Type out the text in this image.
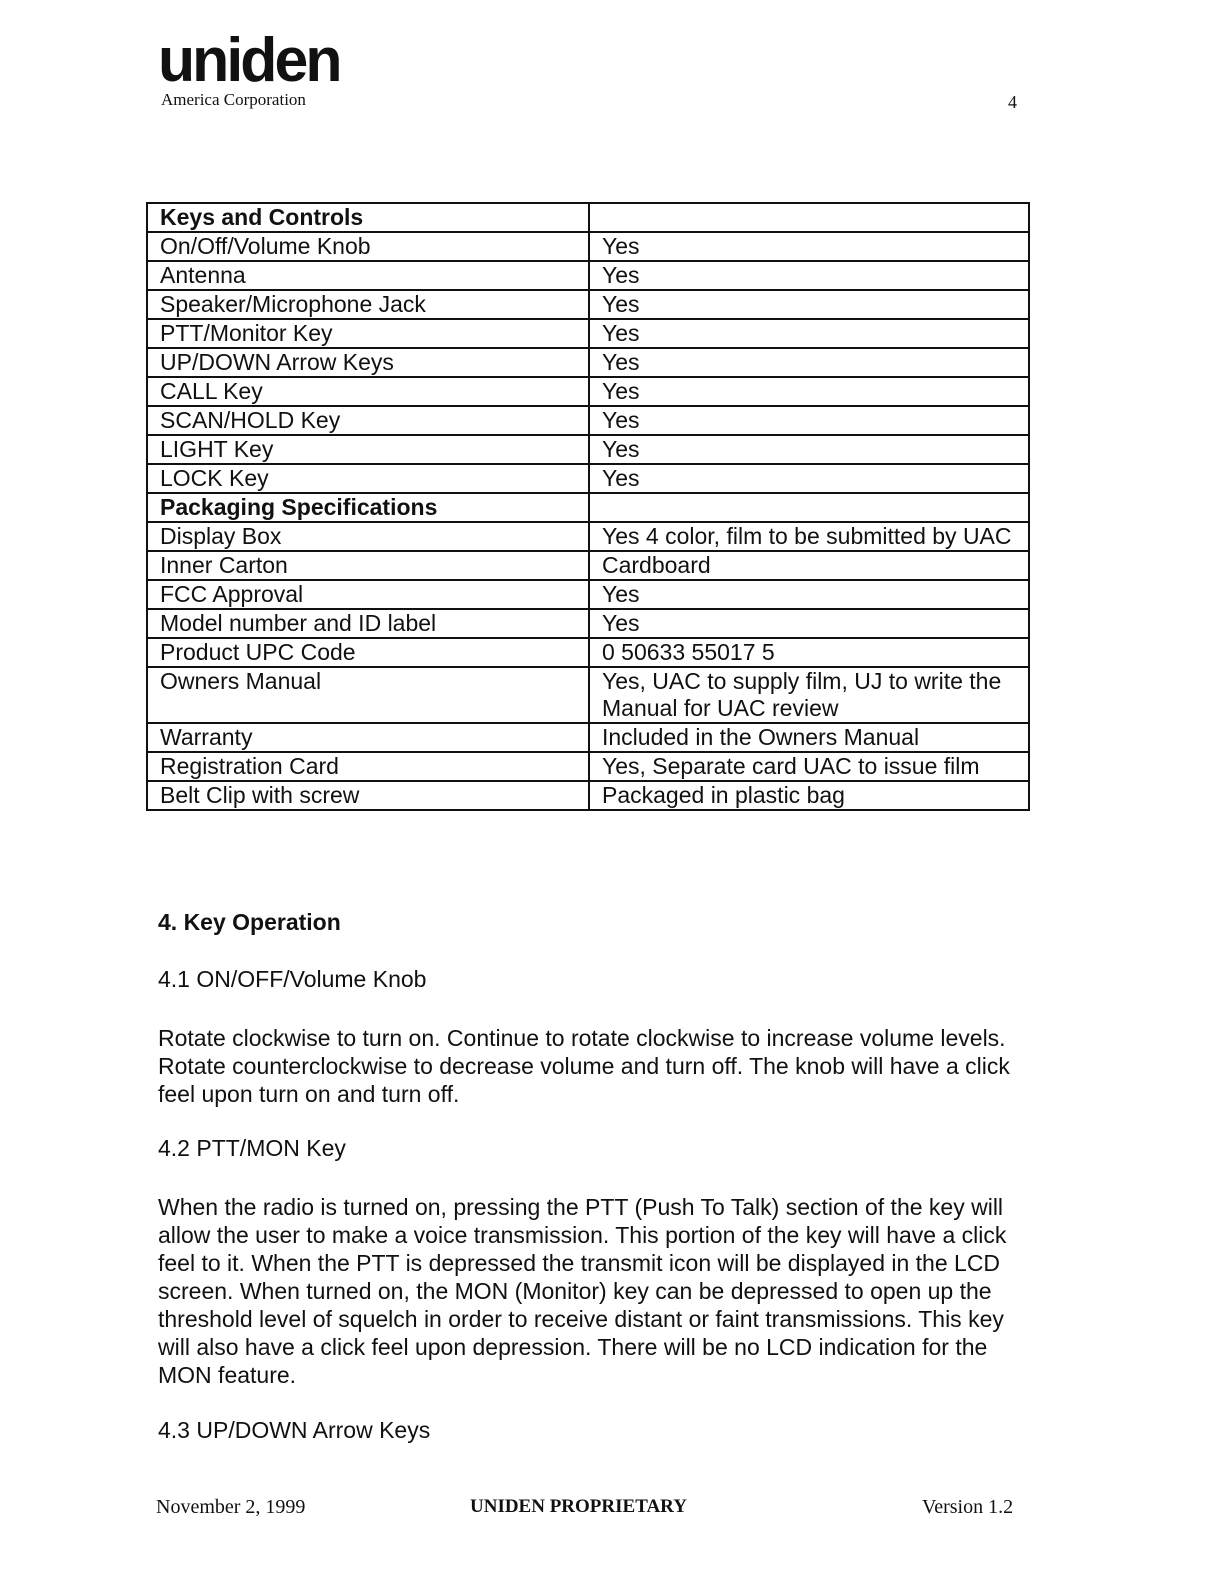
uniden
America Corporation	4
Keys and Controls	
On/Off/Volume Knob	Yes
Antenna	Yes
Speaker/Microphone Jack	Yes
PTT/Monitor Key	Yes
UP/DOWN Arrow Keys	Yes
CALL Key	Yes
SCAN/HOLD Key	Yes
LIGHT Key	Yes
LOCK Key	Yes
Packaging Specifications	
Display Box	Yes 4 color, film to be submitted by UAC
Inner Carton	Cardboard
FCC Approval	Yes
Model number and ID label	Yes
Product UPC Code	0 50633 55017 5
Owners Manual	Yes, UAC to supply film, UJ to write the Manual for UAC review
Warranty	Included in the Owners Manual
Registration Card	Yes, Separate card UAC to issue film
Belt Clip with screw	Packaged in plastic bag
4. Key Operation
4.1 ON/OFF/Volume Knob

Rotate clockwise to turn on. Continue to rotate clockwise to increase volume levels. Rotate counterclockwise to decrease volume and turn off. The knob will have a click feel upon turn on and turn off.

4.2 PTT/MON Key

When the radio is turned on, pressing the PTT (Push To Talk) section of the key will allow the user to make a voice transmission. This portion of the key will have a click feel to it. When the PTT is depressed the transmit icon will be displayed in the LCD screen. When turned on, the MON (Monitor) key can be depressed to open up the threshold level of squelch in order to receive distant or faint transmissions. This key will also have a click feel upon depression. There will be no LCD indication for the MON feature.

4.3 UP/DOWN Arrow Keys
November 2, 1999	UNIDEN PROPRIETARY	Version 1.2
